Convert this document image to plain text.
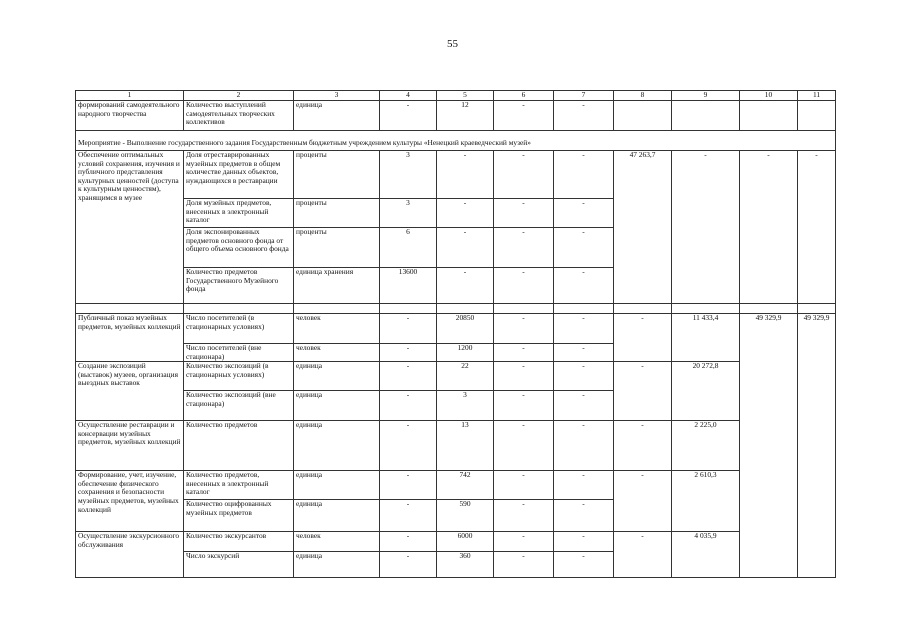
55
1	2	3	4	5	6	7	8	9	10	11
формирований самодеятельного народного творчества	Количество выступлений самодеятельных творческих коллективов	единица	-	12	-	-				
Мероприятие - Выполнение государственного задания Государственным бюджетным учреждением культуры «Ненецкий краеведческий музей»										
Обеспечение оптимальных условий сохранения, изучения и публичного представления культурных ценностей (доступа к культурным ценностям), хранящимся в музее	Доля отреставрированных музейных предметов в общем количестве данных объектов, нуждающихся в реставрации	проценты	3	-	-	-	47 263,7	-	-	-
	Доля музейных предметов, внесенных в электронный каталог	проценты	3	-	-	-				
	Доля экспонированных предметов основного фонда от общего объема основного фонда	проценты	6	-	-	-				
	Количество предметов Государственного Музейного фонда	единица хранения	13600	-	-	-				

Публичный показ музейных предметов, музейных коллекций	Число посетителей (в стационарных условиях)	человек	-	20850	-	-	-	11 433,4	49 329,9	49 329,9
	Число посетителей (вне стационара)	человек	-	1200	-	-				
Создание экспозиций (выставок) музеев, организация выездных выставок	Количество экспозиций (в стационарных условиях)	единица	-	22	-	-	-	20 272,8		
	Количество экспозиций (вне стационара)	единица	-	3	-	-				
Осуществление реставрации и консервации музейных предметов, музейных коллекций	Количество предметов	единица	-	13	-	-	-	2 225,0		
Формирование, учет, изучение, обеспечение физического сохранения и безопасности музейных предметов, музейных коллекций	Количество предметов, внесенных в электронный каталог	единица	-	742	-	-	-	2 610,3		
	Количество оцифрованных музейных предметов	единица	-	590	-	-				
Осуществление экскурсионного обслуживания	Количество экскурсантов	человек	-	6000	-	-	-	4 035,9		
	Число экскурсий	единица	-	360	-	-				
